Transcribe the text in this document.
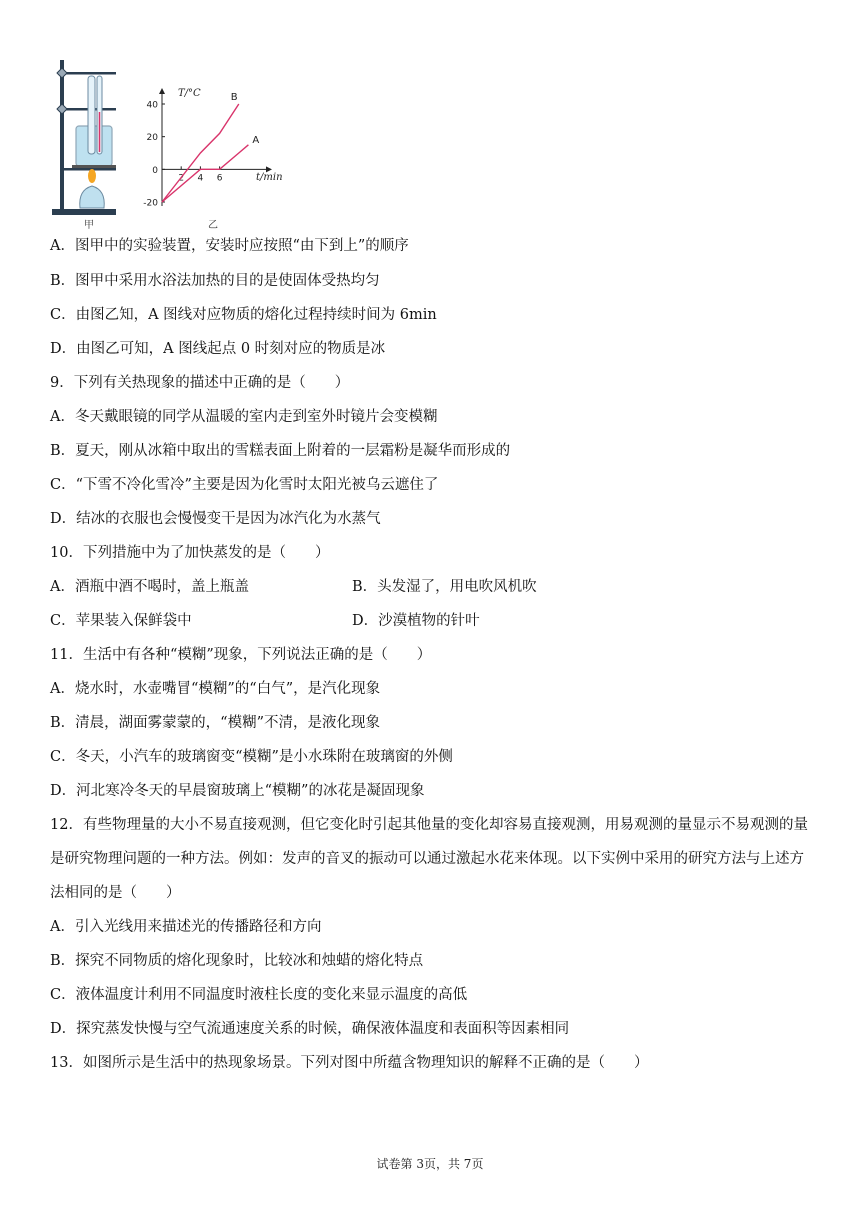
甲
40
20
0
-20
2 4 6
B
A
T/°C
t/min
乙
A．图甲中的实验装置，安装时应按照“由下到上”的顺序
B．图甲中采用水浴法加热的目的是使固体受热均匀
C．由图乙知，A 图线对应物质的熔化过程持续时间为 6min
D．由图乙可知，A 图线起点 0 时刻对应的物质是冰
9．下列有关热现象的描述中正确的是（　　）
A．冬天戴眼镜的同学从温暖的室内走到室外时镜片会变模糊
B．夏天，刚从冰箱中取出的雪糕表面上附着的一层霜粉是凝华而形成的
C．“下雪不冷化雪冷”主要是因为化雪时太阳光被乌云遮住了
D．结冰的衣服也会慢慢变干是因为冰汽化为水蒸气
10．下列措施中为了加快蒸发的是（　　）
A．酒瓶中酒不喝时，盖上瓶盖	B．头发湿了，用电吹风机吹
C．苹果装入保鲜袋中	D．沙漠植物的针叶
11．生活中有各种“模糊”现象，下列说法正确的是（　　）
A．烧水时，水壶嘴冒“模糊”的“白气”，是汽化现象
B．清晨，湖面雾蒙蒙的，“模糊”不清，是液化现象
C．冬天，小汽车的玻璃窗变“模糊”是小水珠附在玻璃窗的外侧
D．河北寒冷冬天的早晨窗玻璃上“模糊”的冰花是凝固现象
12．有些物理量的大小不易直接观测，但它变化时引起其他量的变化却容易直接观测，用易观测的量显示不易观测的量是研究物理问题的一种方法。例如：发声的音叉的振动可以通过激起水花来体现。以下实例中采用的研究方法与上述方法相同的是（　　）
A．引入光线用来描述光的传播路径和方向
B．探究不同物质的熔化现象时，比较冰和烛蜡的熔化特点
C．液体温度计利用不同温度时液柱长度的变化来显示温度的高低
D．探究蒸发快慢与空气流通速度关系的时候，确保液体温度和表面积等因素相同
13．如图所示是生活中的热现象场景。下列对图中所蕴含物理知识的解释不正确的是（　　）
试卷第 3页，共 7页
